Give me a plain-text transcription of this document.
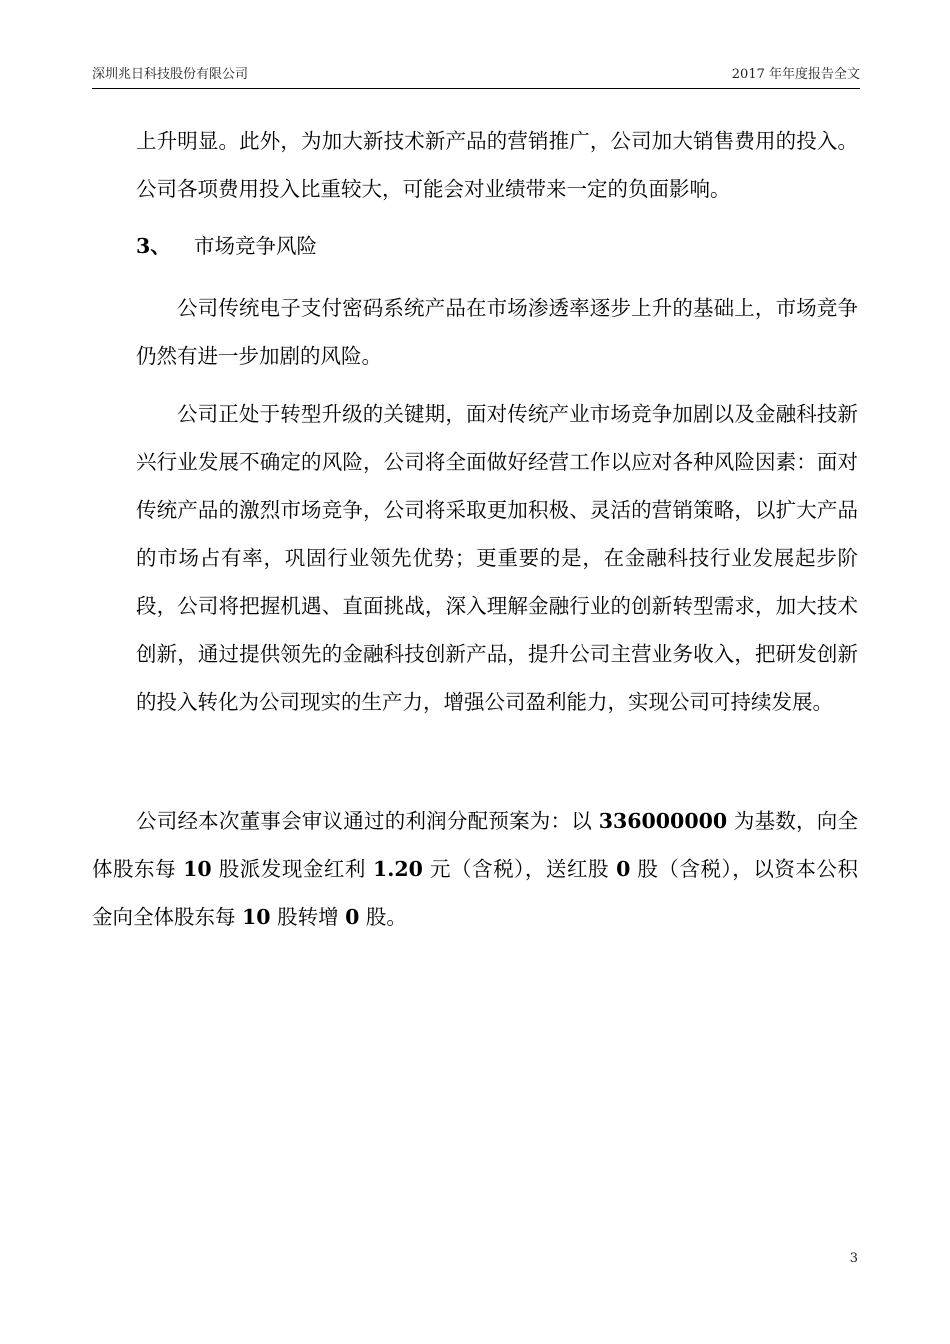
深圳兆日科技股份有限公司	2017 年年度报告全文

上升明显。此外，为加大新技术新产品的营销推广，公司加大销售费用的投入。公司各项费用投入比重较大，可能会对业绩带来一定的负面影响。

3、 市场竞争风险

公司传统电子支付密码系统产品在市场渗透率逐步上升的基础上，市场竞争仍然有进一步加剧的风险。

公司正处于转型升级的关键期，面对传统产业市场竞争加剧以及金融科技新兴行业发展不确定的风险，公司将全面做好经营工作以应对各种风险因素：面对传统产品的激烈市场竞争，公司将采取更加积极、灵活的营销策略，以扩大产品的市场占有率，巩固行业领先优势；更重要的是，在金融科技行业发展起步阶段，公司将把握机遇、直面挑战，深入理解金融行业的创新转型需求，加大技术创新，通过提供领先的金融科技创新产品，提升公司主营业务收入，把研发创新的投入转化为公司现实的生产力，增强公司盈利能力，实现公司可持续发展。

公司经本次董事会审议通过的利润分配预案为：以 336000000 为基数，向全体股东每 10 股派发现金红利 1.20 元（含税），送红股 0 股（含税），以资本公积金向全体股东每 10 股转增 0 股。

3
